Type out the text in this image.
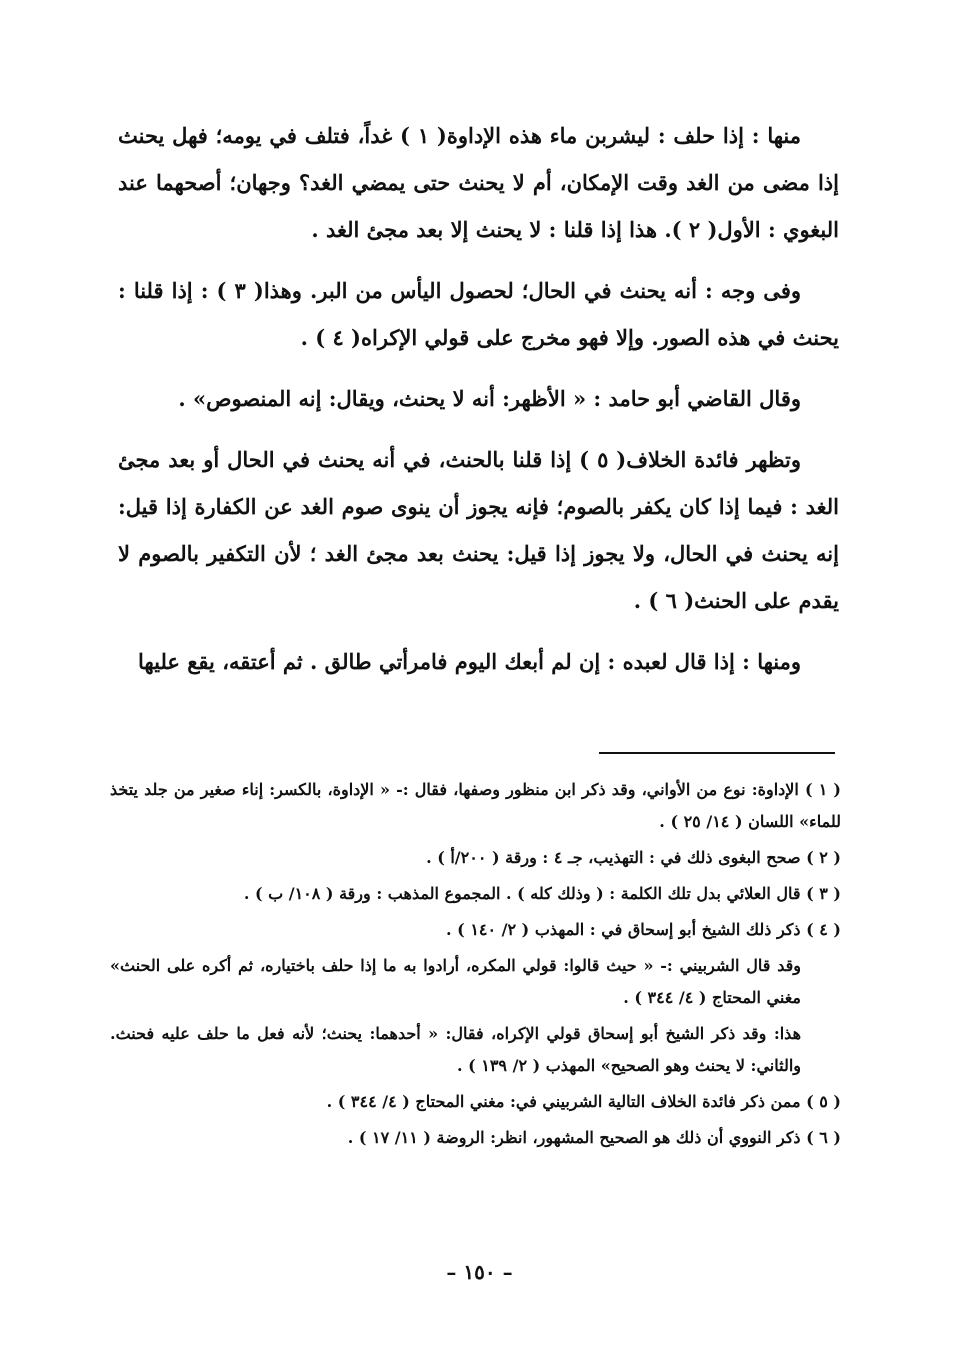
منها : إذا حلف : ليشربن ماء هذه الإداوة( ١ ) غداً، فتلف في يومه؛ فهل يحنث إذا مضى من الغد وقت الإمكان، أم لا يحنث حتى يمضي الغد؟ وجهان؛ أصحهما عند البغوي : الأول( ٢ ). هذا إذا قلنا : لا يحنث إلا بعد مجئ الغد .

وفى وجه : أنه يحنث في الحال؛ لحصول اليأس من البر. وهذا( ٣ ) : إذا قلنا : يحنث في هذه الصور. وإلا فهو مخرج على قولي الإكراه( ٤ ) .

وقال القاضي أبو حامد : « الأظهر: أنه لا يحنث، ويقال: إنه المنصوص» .

وتظهر فائدة الخلاف( ٥ ) إذا قلنا بالحنث، في أنه يحنث في الحال أو بعد مجئ الغد : فيما إذا كان يكفر بالصوم؛ فإنه يجوز أن ينوى صوم الغد عن الكفارة إذا قيل: إنه يحنث في الحال، ولا يجوز إذا قيل: يحنث بعد مجئ الغد ؛ لأن التكفير بالصوم لا يقدم على الحنث( ٦ ) .

ومنها : إذا قال لعبده : إن لم أبعك اليوم فامرأتي طالق . ثم أعتقه، يقع عليها

( ١ ) الإداوة: نوع من الأواني، وقد ذكر ابن منظور وصفها، فقال :- « الإداوة، بالكسر: إناء صغير من جلد يتخذ للماء» اللسان ( ١٤/ ٢٥ ) .

( ٢ ) صحح البغوى ذلك في : التهذيب، جـ ٤ : ورقة ( ٢٠٠/أ ) .

( ٣ ) قال العلائي بدل تلك الكلمة : ( وذلك كله ) . المجموع المذهب : ورقة ( ١٠٨/ ب ) .

( ٤ ) ذكر ذلك الشيخ أبو إسحاق في : المهذب ( ٢/ ١٤٠ ) .

وقد قال الشربيني :- « حيث قالوا: قولي المكره، أرادوا به ما إذا حلف باختياره، ثم أكره على الحنث» مغني المحتاج ( ٤/ ٣٤٤ ) .

هذا: وقد ذكر الشيخ أبو إسحاق قولي الإكراه، فقال: « أحدهما: يحنث؛ لأنه فعل ما حلف عليه فحنث. والثاني: لا يحنث وهو الصحيح» المهذب ( ٢/ ١٣٩ ) .

( ٥ ) ممن ذكر فائدة الخلاف التالية الشربيني في: مغني المحتاج ( ٤/ ٣٤٤ ) .

( ٦ ) ذكر النووي أن ذلك هو الصحيح المشهور، انظر: الروضة ( ١١/ ١٧ ) .

– ١٥٠ –
